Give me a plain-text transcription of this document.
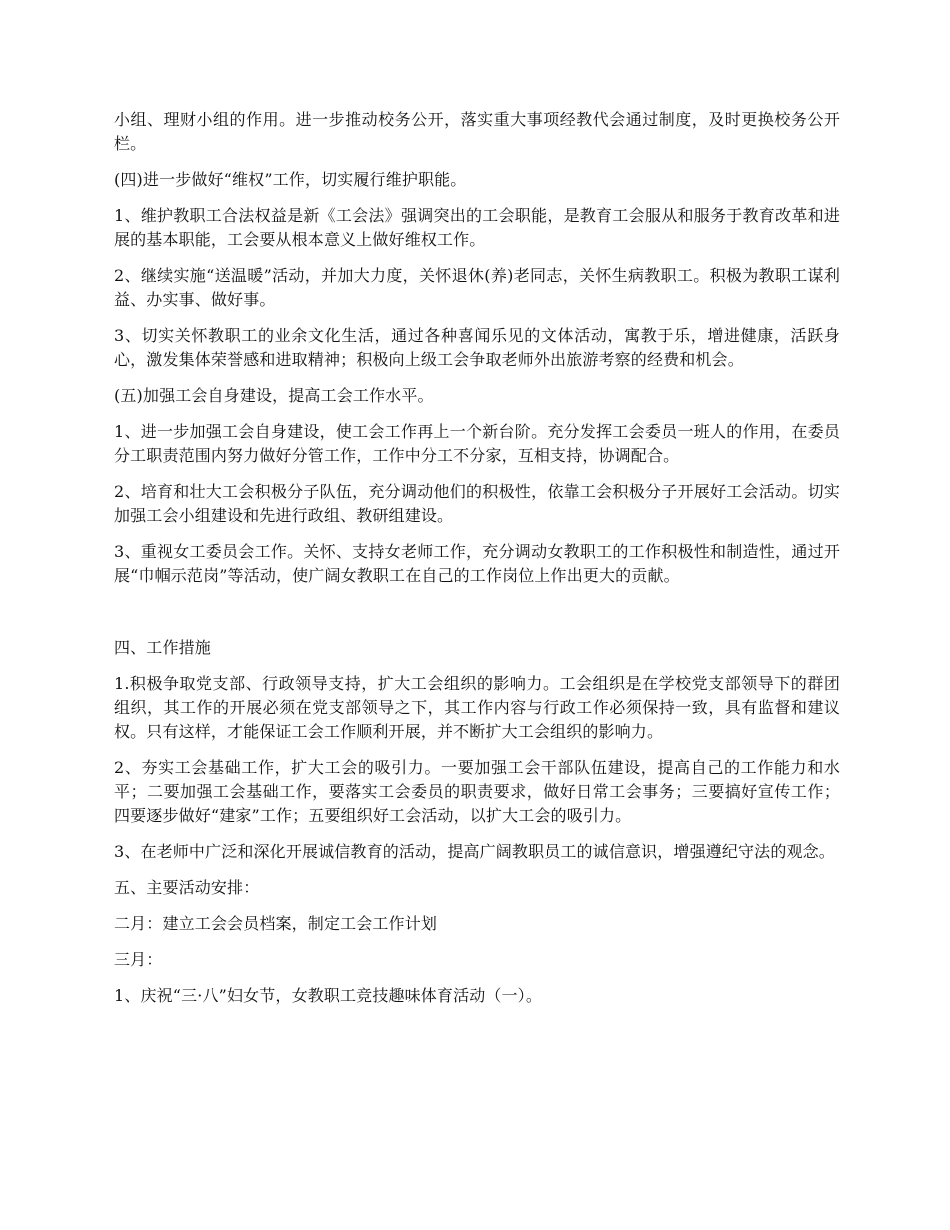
小组、理财小组的作用。进一步推动校务公开，落实重大事项经教代会通过制度，及时更换校务公开栏。

(四)进一步做好“维权”工作，切实履行维护职能。

1、维护教职工合法权益是新《工会法》强调突出的工会职能，是教育工会服从和服务于教育改革和进展的基本职能，工会要从根本意义上做好维权工作。

2、继续实施“送温暖”活动，并加大力度，关怀退休(养)老同志，关怀生病教职工。积极为教职工谋利益、办实事、做好事。

3、切实关怀教职工的业余文化生活，通过各种喜闻乐见的文体活动，寓教于乐，增进健康，活跃身心，激发集体荣誉感和进取精神；积极向上级工会争取老师外出旅游考察的经费和机会。

(五)加强工会自身建设，提高工会工作水平。

1、进一步加强工会自身建设，使工会工作再上一个新台阶。充分发挥工会委员一班人的作用，在委员分工职责范围内努力做好分管工作，工作中分工不分家，互相支持，协调配合。

2、培育和壮大工会积极分子队伍，充分调动他们的积极性，依靠工会积极分子开展好工会活动。切实加强工会小组建设和先进行政组、教研组建设。

3、重视女工委员会工作。关怀、支持女老师工作，充分调动女教职工的工作积极性和制造性，通过开展“巾帼示范岗”等活动，使广阔女教职工在自己的工作岗位上作出更大的贡献。

四、工作措施

1.积极争取党支部、行政领导支持，扩大工会组织的影响力。工会组织是在学校党支部领导下的群团组织，其工作的开展必须在党支部领导之下，其工作内容与行政工作必须保持一致，具有监督和建议权。只有这样，才能保证工会工作顺利开展，并不断扩大工会组织的影响力。

2、夯实工会基础工作，扩大工会的吸引力。一要加强工会干部队伍建设，提高自己的工作能力和水平；二要加强工会基础工作，要落实工会委员的职责要求，做好日常工会事务；三要搞好宣传工作；四要逐步做好“建家”工作；五要组织好工会活动，以扩大工会的吸引力。

3、在老师中广泛和深化开展诚信教育的活动，提高广阔教职员工的诚信意识，增强遵纪守法的观念。

五、主要活动安排：

二月：建立工会会员档案，制定工会工作计划

三月：

1、庆祝“三·八”妇女节，女教职工竞技趣味体育活动（一）。
